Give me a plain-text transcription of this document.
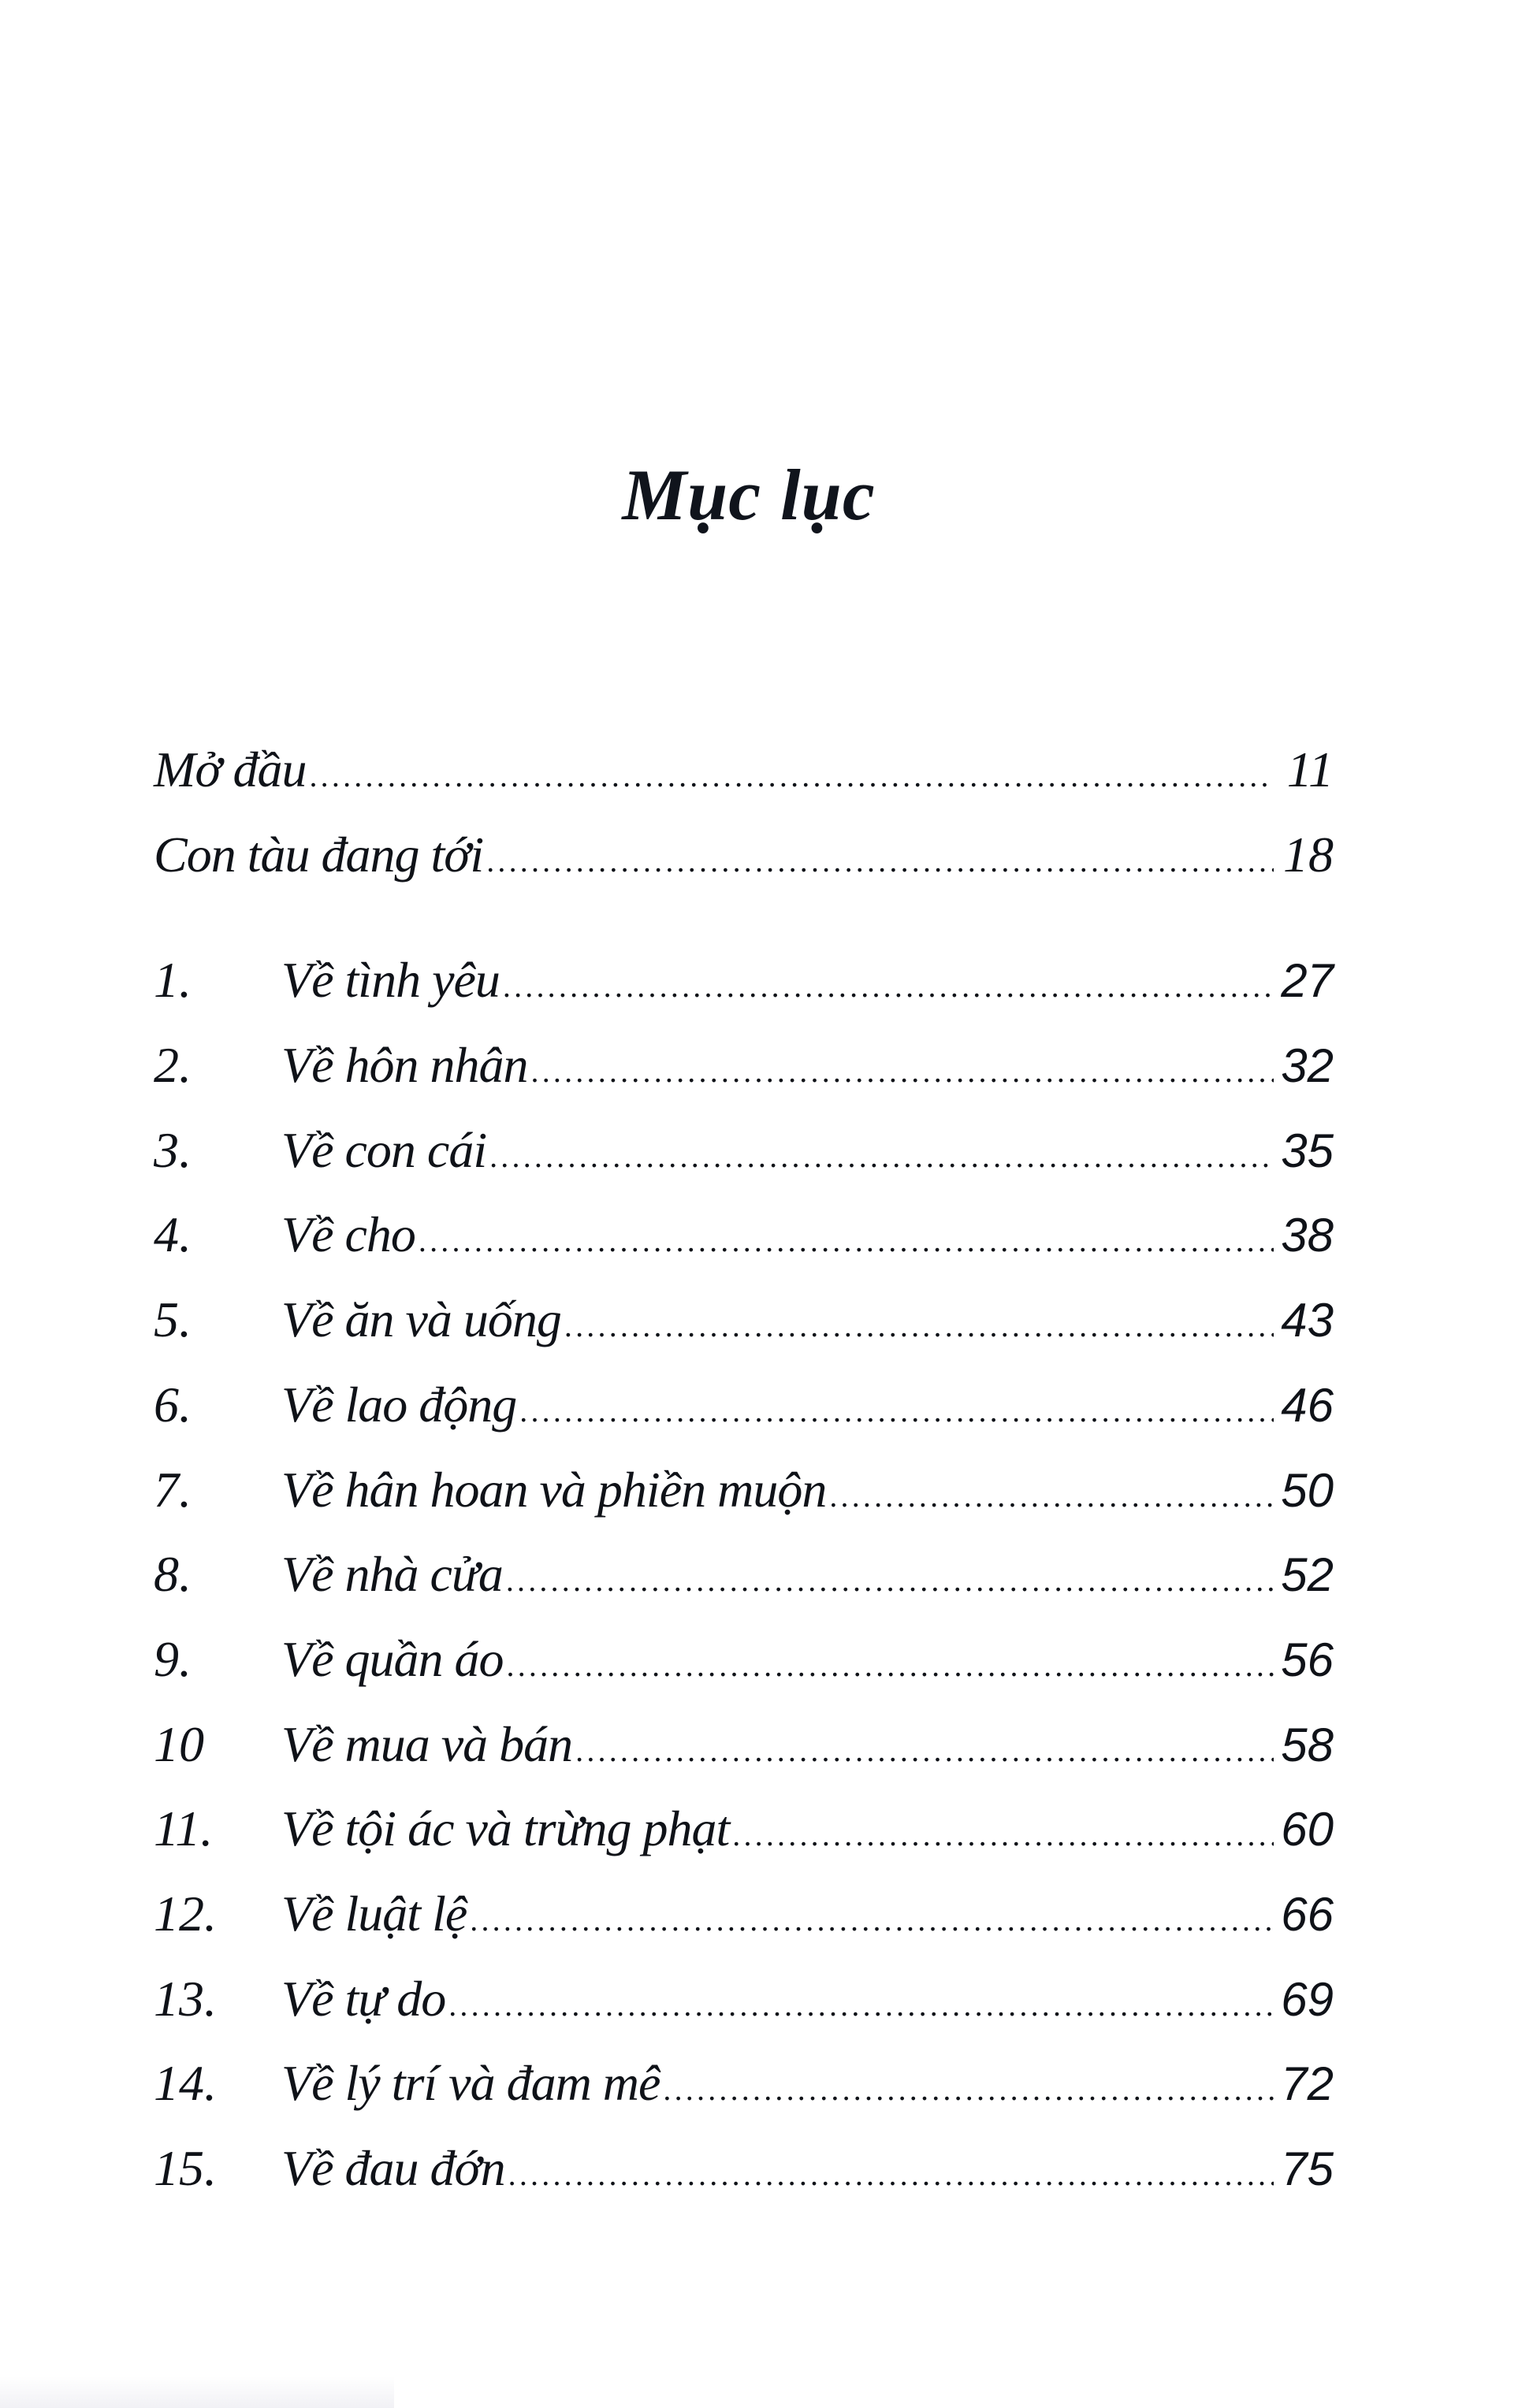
Mục lục
Mở đầu .....	11
Con tàu đang tới .....	18
1.	Về tình yêu .....	27
2.	Về hôn nhân .....	32
3.	Về con cái .....	35
4.	Về cho .....	38
5.	Về ăn và uống .....	43
6.	Về lao động .....	46
7.	Về hân hoan và phiền muộn .....	50
8.	Về nhà cửa .....	52
9.	Về quần áo .....	56
10	Về mua và bán .....	58
11.	Về tội ác và trừng phạt .....	60
12.	Về luật lệ .....	66
13.	Về tự do .....	69
14.	Về lý trí và đam mê .....	72
15.	Về đau đớn .....	75
